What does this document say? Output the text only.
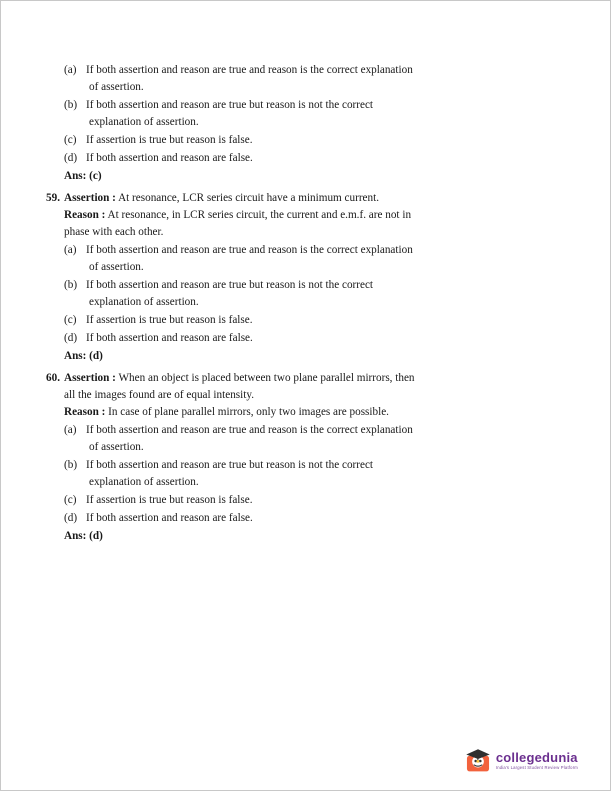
(a) If both assertion and reason are true and reason is the correct explanation
of assertion.
(b) If both assertion and reason are true but reason is not the correct
explanation of assertion.
(c) If assertion is true but reason is false.
(d) If both assertion and reason are false.
Ans: (c)
59. Assertion : At resonance, LCR series circuit have a minimum current.

Reason : At resonance, in LCR series circuit, the current and e.m.f. are not in

phase with each other.

(a) If both assertion and reason are true and reason is the correct explanation
of assertion.
(b) If both assertion and reason are true but reason is not the correct
explanation of assertion.
(c) If assertion is true but reason is false.
(d) If both assertion and reason are false.
Ans: (d)
60. Assertion : When an object is placed between two plane parallel mirrors, then

all the images found are of equal intensity.

Reason : In case of plane parallel mirrors, only two images are possible.

(a) If both assertion and reason are true and reason is the correct explanation
of assertion.
(b) If both assertion and reason are true but reason is not the correct
explanation of assertion.
(c) If assertion is true but reason is false.
(d) If both assertion and reason are false.
Ans: (d)
collegedunia
India's Largest Student Review Platform
